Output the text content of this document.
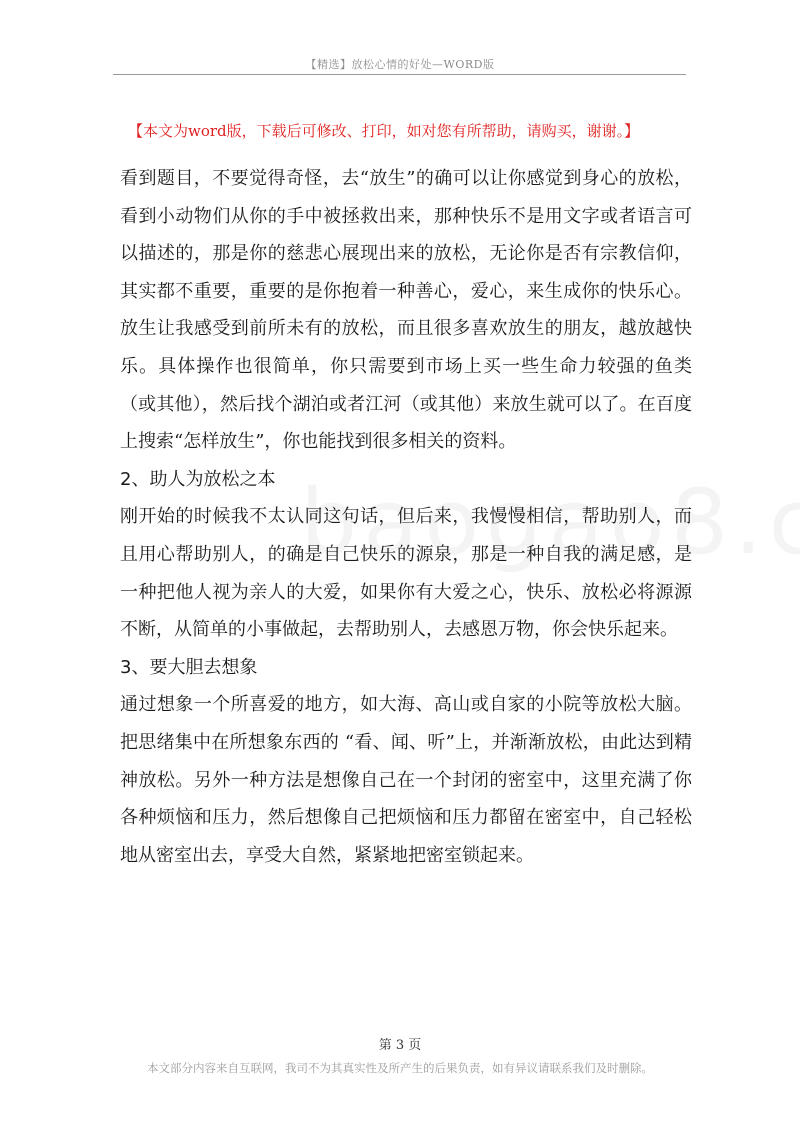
【精选】放松心情的好处—WORD版
【本文为word版，下载后可修改、打印，如对您有所帮助，请购买，谢谢。】

看到题目，不要觉得奇怪，去“放生”的确可以让你感觉到身心的放松，看到小动物们从你的手中被拯救出来，那种快乐不是用文字或者语言可以描述的，那是你的慈悲心展现出来的放松，无论你是否有宗教信仰，其实都不重要，重要的是你抱着一种善心，爱心，来生成你的快乐心。放生让我感受到前所未有的放松，而且很多喜欢放生的朋友，越放越快乐。具体操作也很简单，你只需要到市场上买一些生命力较强的鱼类（或其他），然后找个湖泊或者江河（或其他）来放生就可以了。在百度上搜索“怎样放生”，你也能找到很多相关的资料。

2、助人为放松之本

刚开始的时候我不太认同这句话，但后来，我慢慢相信，帮助别人，而且用心帮助别人，的确是自己快乐的源泉，那是一种自我的满足感，是一种把他人视为亲人的大爱，如果你有大爱之心，快乐、放松必将源源不断，从简单的小事做起，去帮助别人，去感恩万物，你会快乐起来。

3、要大胆去想象

通过想象一个所喜爱的地方，如大海、高山或自家的小院等放松大脑。把思绪集中在所想象东西的 “看、闻、听”上，并渐渐放松，由此达到精神放松。另外一种方法是想像自己在一个封闭的密室中，这里充满了你各种烦恼和压力，然后想像自己把烦恼和压力都留在密室中，自己轻松地从密室出去，享受大自然，紧紧地把密室锁起来。

第 3 页
本文部分内容来自互联网，我司不为其真实性及所产生的后果负责，如有异议请联系我们及时删除。
